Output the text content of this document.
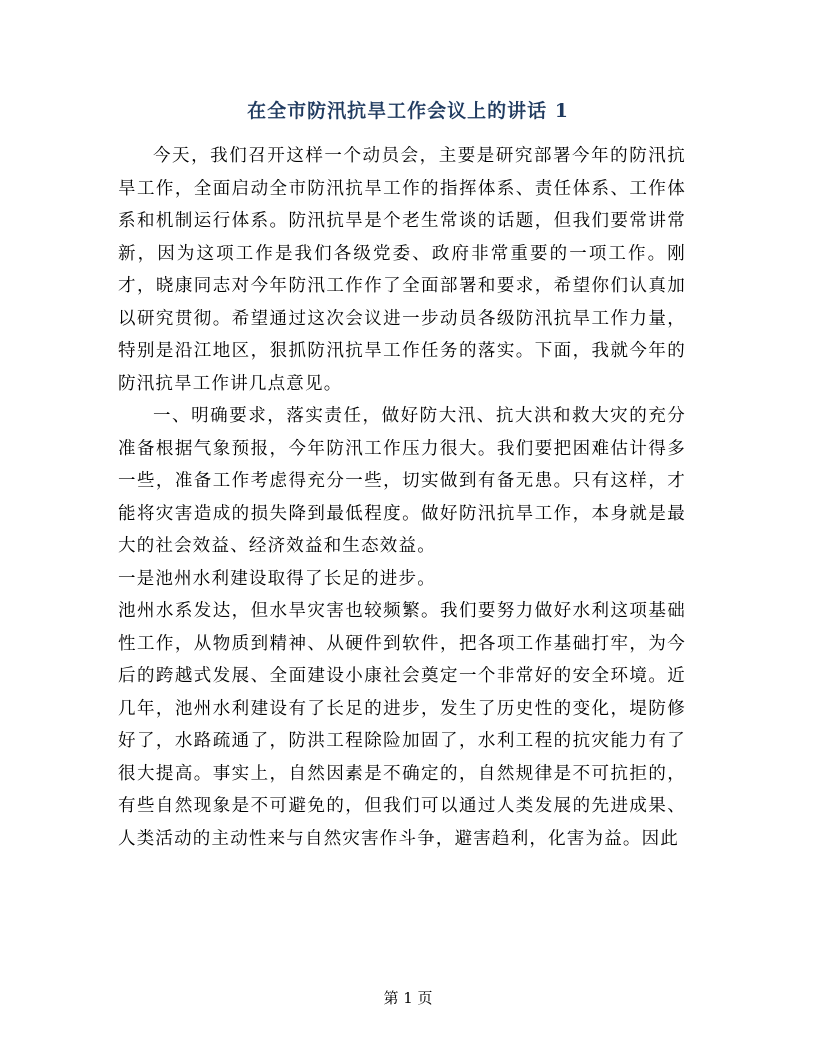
在全市防汛抗旱工作会议上的讲话 1

今天，我们召开这样一个动员会，主要是研究部署今年的防汛抗旱工作，全面启动全市防汛抗旱工作的指挥体系、责任体系、工作体系和机制运行体系。防汛抗旱是个老生常谈的话题，但我们要常讲常新，因为这项工作是我们各级党委、政府非常重要的一项工作。刚才，晓康同志对今年防汛工作作了全面部署和要求，希望你们认真加以研究贯彻。希望通过这次会议进一步动员各级防汛抗旱工作力量，特别是沿江地区，狠抓防汛抗旱工作任务的落实。下面，我就今年的防汛抗旱工作讲几点意见。

一、明确要求，落实责任，做好防大汛、抗大洪和救大灾的充分准备根据气象预报，今年防汛工作压力很大。我们要把困难估计得多一些，准备工作考虑得充分一些，切实做到有备无患。只有这样，才能将灾害造成的损失降到最低程度。做好防汛抗旱工作，本身就是最大的社会效益、经济效益和生态效益。

一是池州水利建设取得了长足的进步。

池州水系发达，但水旱灾害也较频繁。我们要努力做好水利这项基础性工作，从物质到精神、从硬件到软件，把各项工作基础打牢，为今后的跨越式发展、全面建设小康社会奠定一个非常好的安全环境。近几年，池州水利建设有了长足的进步，发生了历史性的变化，堤防修好了，水路疏通了，防洪工程除险加固了，水利工程的抗灾能力有了很大提高。事实上，自然因素是不确定的，自然规律是不可抗拒的，有些自然现象是不可避免的，但我们可以通过人类发展的先进成果、人类活动的主动性来与自然灾害作斗争，避害趋利，化害为益。因此

第 1 页
